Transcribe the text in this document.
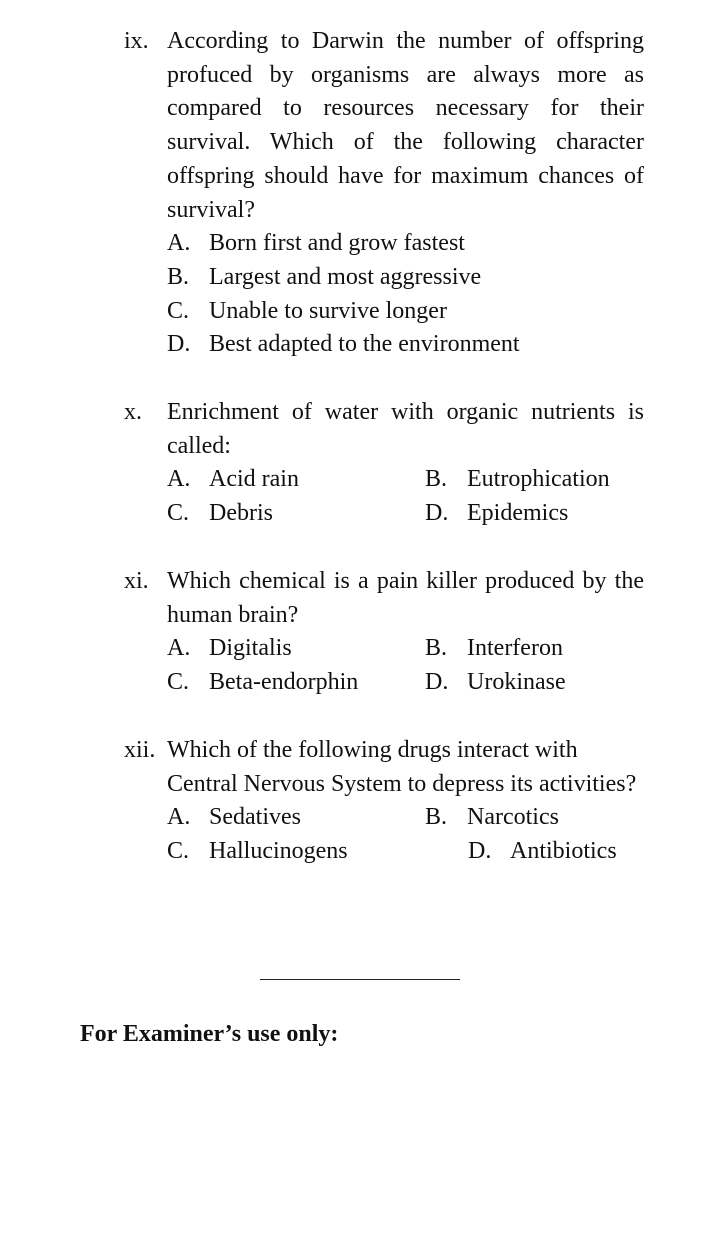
ix. According to Darwin the number of offspring profuced by organisms are always more as compared to resources necessary for their survival. Which of the following character offspring should have for maximum chances of survival?
A. Born first and grow fastest
B. Largest and most aggressive
C. Unable to survive longer
D. Best adapted to the environment
x. Enrichment of water with organic nutrients is called:
A. Acid rain	B. Eutrophication
C. Debris	D. Epidemics
xi. Which chemical is a pain killer produced by the human brain?
A. Digitalis	B. Interferon
C. Beta-endorphin	D. Urokinase
xii. Which of the following drugs interact with Central Nervous System to depress its activities?
A. Sedatives	B. Narcotics
C. Hallucinogens	D. Antibiotics
For Examiner’s use only:
